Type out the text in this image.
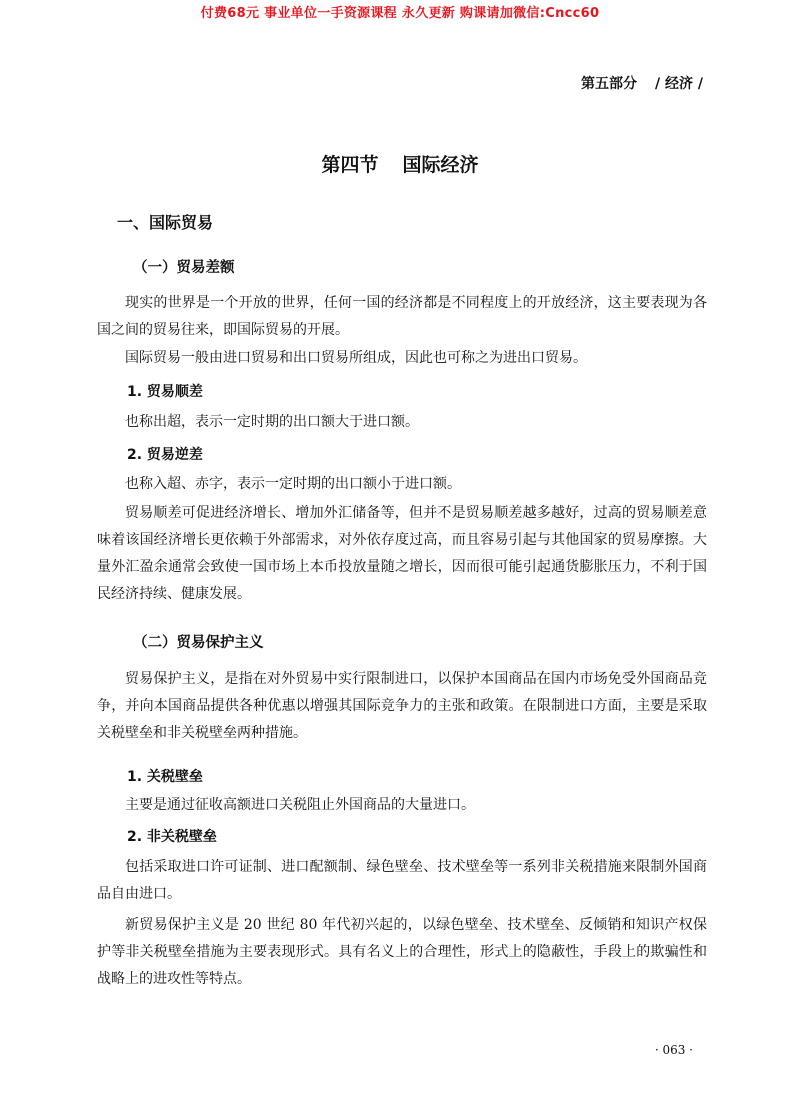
付费68元 事业单位一手资源课程 永久更新 购课请加微信:Cncc60
第五部分 / 经济 /
第四节 国际经济
一、国际贸易
（一）贸易差额

现实的世界是一个开放的世界，任何一国的经济都是不同程度上的开放经济，这主要表现为各国之间的贸易往来，即国际贸易的开展。

国际贸易一般由进口贸易和出口贸易所组成，因此也可称之为进出口贸易。

1. 贸易顺差

也称出超，表示一定时期的出口额大于进口额。

2. 贸易逆差

也称入超、赤字，表示一定时期的出口额小于进口额。

贸易顺差可促进经济增长、增加外汇储备等，但并不是贸易顺差越多越好，过高的贸易顺差意味着该国经济增长更依赖于外部需求，对外依存度过高，而且容易引起与其他国家的贸易摩擦。大量外汇盈余通常会致使一国市场上本币投放量随之增长，因而很可能引起通货膨胀压力，不利于国民经济持续、健康发展。

（二）贸易保护主义

贸易保护主义，是指在对外贸易中实行限制进口，以保护本国商品在国内市场免受外国商品竞争，并向本国商品提供各种优惠以增强其国际竞争力的主张和政策。在限制进口方面，主要是采取关税壁垒和非关税壁垒两种措施。

1. 关税壁垒

主要是通过征收高额进口关税阻止外国商品的大量进口。

2. 非关税壁垒

包括采取进口许可证制、进口配额制、绿色壁垒、技术壁垒等一系列非关税措施来限制外国商品自由进口。

新贸易保护主义是 20 世纪 80 年代初兴起的，以绿色壁垒、技术壁垒、反倾销和知识产权保护等非关税壁垒措施为主要表现形式。具有名义上的合理性，形式上的隐蔽性，手段上的欺骗性和战略上的进攻性等特点。

· 063 ·
